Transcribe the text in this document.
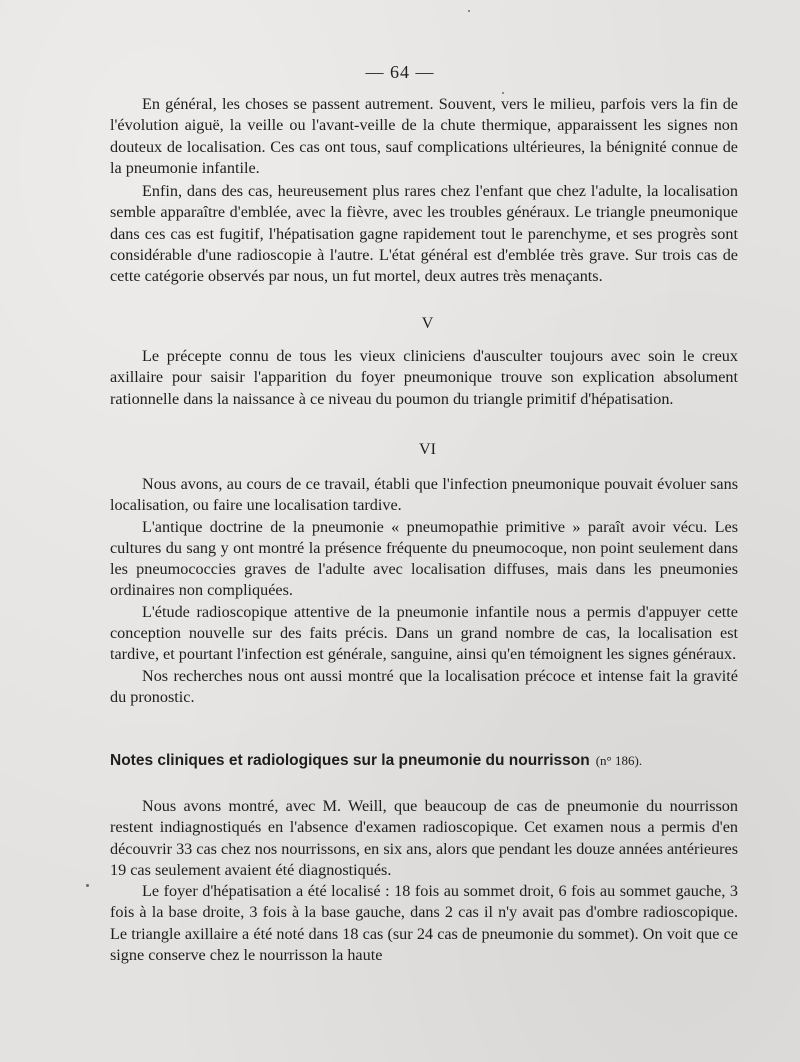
— 64 —

En général, les choses se passent autrement. Souvent, vers le milieu, parfois vers la fin de l'évolution aiguë, la veille ou l'avant-veille de la chute thermique, apparaissent les signes non douteux de localisation. Ces cas ont tous, sauf complications ultérieures, la bénignité connue de la pneumonie infantile.

Enfin, dans des cas, heureusement plus rares chez l'enfant que chez l'adulte, la localisation semble apparaître d'emblée, avec la fièvre, avec les troubles généraux. Le triangle pneumonique dans ces cas est fugitif, l'hépatisation gagne rapidement tout le parenchyme, et ses progrès sont considérable d'une radioscopie à l'autre. L'état général est d'emblée très grave. Sur trois cas de cette catégorie observés par nous, un fut mortel, deux autres très menaçants.

V

Le précepte connu de tous les vieux cliniciens d'ausculter toujours avec soin le creux axillaire pour saisir l'apparition du foyer pneumonique trouve son explication absolument rationnelle dans la naissance à ce niveau du poumon du triangle primitif d'hépatisation.

VI

Nous avons, au cours de ce travail, établi que l'infection pneumonique pouvait évoluer sans localisation, ou faire une localisation tardive.

L'antique doctrine de la pneumonie « pneumopathie primitive » paraît avoir vécu. Les cultures du sang y ont montré la présence fréquente du pneumocoque, non point seulement dans les pneumococcies graves de l'adulte avec localisation diffuses, mais dans les pneumonies ordinaires non compliquées.

L'étude radioscopique attentive de la pneumonie infantile nous a permis d'appuyer cette conception nouvelle sur des faits précis. Dans un grand nombre de cas, la localisation est tardive, et pourtant l'infection est générale, sanguine, ainsi qu'en témoignent les signes généraux.

Nos recherches nous ont aussi montré que la localisation précoce et intense fait la gravité du pronostic.

Notes cliniques et radiologiques sur la pneumonie du nourrisson (n° 186).

Nous avons montré, avec M. Weill, que beaucoup de cas de pneumonie du nourrisson restent indiagnostiqués en l'absence d'examen radioscopique. Cet examen nous a permis d'en découvrir 33 cas chez nos nourrissons, en six ans, alors que pendant les douze années antérieures 19 cas seulement avaient été diagnostiqués.

Le foyer d'hépatisation a été localisé : 18 fois au sommet droit, 6 fois au sommet gauche, 3 fois à la base droite, 3 fois à la base gauche, dans 2 cas il n'y avait pas d'ombre radioscopique. Le triangle axillaire a été noté dans 18 cas (sur 24 cas de pneumonie du sommet). On voit que ce signe conserve chez le nourrisson la haute
